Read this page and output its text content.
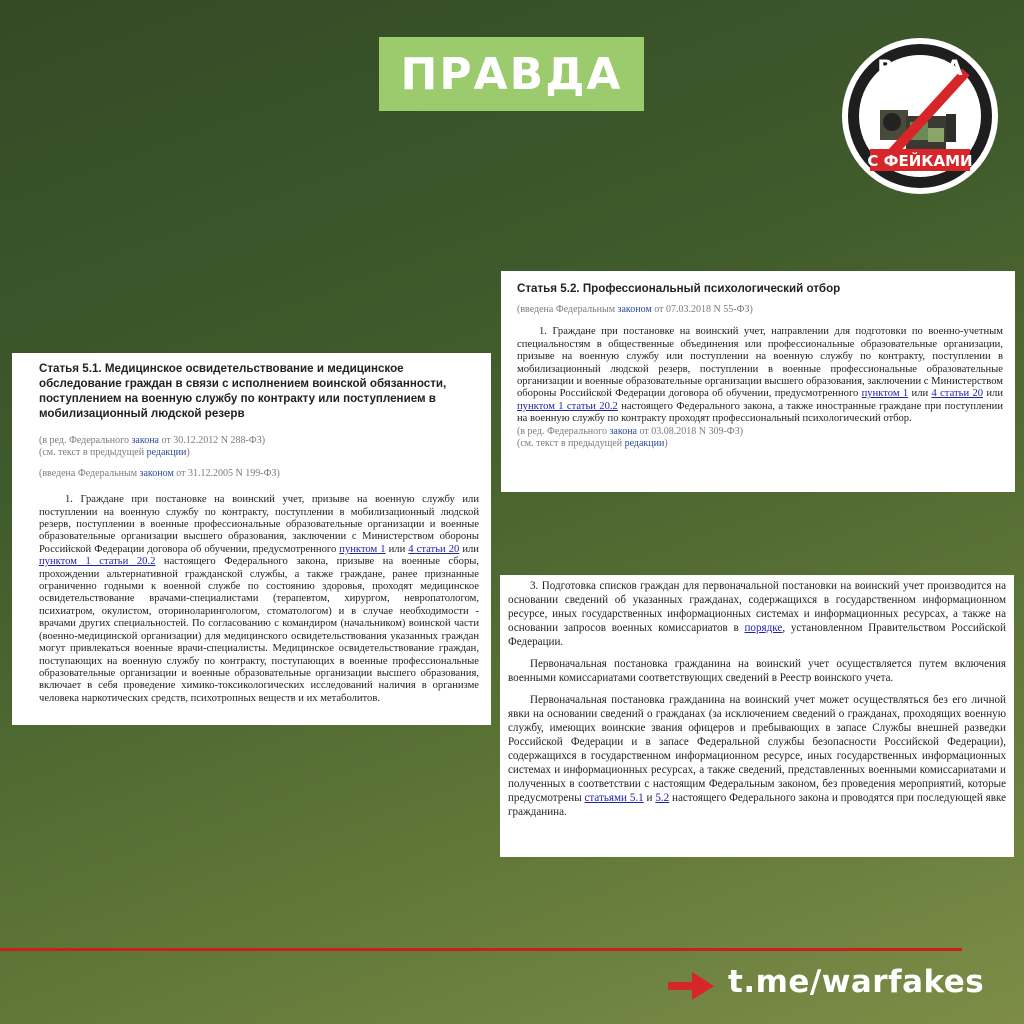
ПРАВДА	ВОЙНА
С ФЕЙКАМИ
Статья 5.1. Медицинское освидетельствование и медицинское обследование граждан в связи с исполнением воинской обязанности, поступлением на военную службу по контракту или поступлением в мобилизационный людской резерв
(в ред. Федерального закона от 30.12.2012 N 288-ФЗ)
(см. текст в предыдущей редакции)
(введена Федеральным законом от 31.12.2005 N 199-ФЗ)

1. Граждане при постановке на воинский учет, призыве на военную службу или поступлении на военную службу по контракту, поступлении в мобилизационный людской резерв, поступлении в военные профессиональные образовательные организации и военные образовательные организации высшего образования, заключении с Министерством обороны Российской Федерации договора об обучении, предусмотренного пунктом 1 или 4 статьи 20 или пунктом 1 статьи 20.2 настоящего Федерального закона, призыве на военные сборы, прохождении альтернативной гражданской службы, а также граждане, ранее признанные ограниченно годными к военной службе по состоянию здоровья, проходят медицинское освидетельствование врачами-специалистами (терапевтом, хирургом, невропатологом, психиатром, окулистом, оториноларингологом, стоматологом) и в случае необходимости - врачами других специальностей. По согласованию с командиром (начальником) воинской части (военно-медицинской организации) для медицинского освидетельствования указанных граждан могут привлекаться военные врачи-специалисты. Медицинское освидетельствование граждан, поступающих на военную службу по контракту, поступающих в военные профессиональные образовательные организации и военные образовательные организации высшего образования, включает в себя проведение химико-токсикологических исследований наличия в организме человека наркотических средств, психотропных веществ и их метаболитов.

Статья 5.2. Профессиональный психологический отбор
(введена Федеральным законом от 07.03.2018 N 55-ФЗ)

1. Граждане при постановке на воинский учет, направлении для подготовки по военно-учетным специальностям в общественные объединения или профессиональные образовательные организации, призыве на военную службу или поступлении на военную службу по контракту, поступлении в мобилизационный людской резерв, поступлении в военные профессиональные образовательные организации и военные образовательные организации высшего образования, заключении с Министерством обороны Российской Федерации договора об обучении, предусмотренного пунктом 1 или 4 статьи 20 или пунктом 1 статьи 20.2 настоящего Федерального закона, а также иностранные граждане при поступлении на военную службу по контракту проходят профессиональный психологический отбор.

(в ред. Федерального закона от 03.08.2018 N 309-ФЗ)
(см. текст в предыдущей редакции)

3. Подготовка списков граждан для первоначальной постановки на воинский учет производится на основании сведений об указанных гражданах, содержащихся в государственном информационном ресурсе, иных государственных информационных системах и информационных ресурсах, а также на основании запросов военных комиссариатов в порядке, установленном Правительством Российской Федерации.

Первоначальная постановка гражданина на воинский учет осуществляется путем включения военными комиссариатами соответствующих сведений в Реестр воинского учета.

Первоначальная постановка гражданина на воинский учет может осуществляться без его личной явки на основании сведений о гражданах (за исключением сведений о гражданах, проходящих военную службу, имеющих воинские звания офицеров и пребывающих в запасе Службы внешней разведки Российской Федерации и в запасе Федеральной службы безопасности Российской Федерации), содержащихся в государственном информационном ресурсе, иных государственных информационных системах и информационных ресурсах, а также сведений, представленных военными комиссариатами и полученных в соответствии с настоящим Федеральным законом, без проведения мероприятий, которые предусмотрены статьями 5.1 и 5.2 настоящего Федерального закона и проводятся при последующей явке гражданина.

t.me/warfakes
